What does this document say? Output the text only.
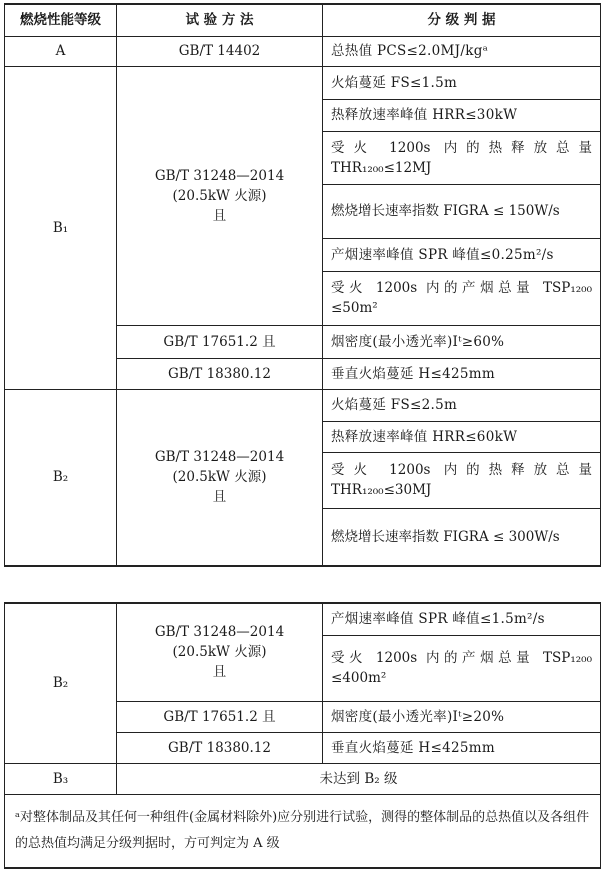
燃烧性能等级	试 验 方 法	分 级 判 据
A	GB/T 14402	总热值 PCS≤2.0MJ/kgᵃ
B₁	GB/T 31248—2014
(20.5kW 火源)
且	火焰蔓延 FS≤1.5m
		热释放速率峰值 HRR≤30kW
		受火 1200s 内的热释放总量 THR₁₂₀₀≤12MJ
		燃烧增长速率指数 FIGRA ≤ 150W/s
		产烟速率峰值 SPR 峰值≤0.25m²/s
		受火 1200s 内的产烟总量 TSP₁₂₀₀ ≤50m²
	GB/T 17651.2 且	烟密度(最小透光率)Iᵗ≥60%
	GB/T 18380.12	垂直火焰蔓延 H≤425mm
B₂	GB/T 31248—2014
(20.5kW 火源)
且	火焰蔓延 FS≤2.5m
		热释放速率峰值 HRR≤60kW
		受火 1200s 内的热释放总量 THR₁₂₀₀≤30MJ
		燃烧增长速率指数 FIGRA ≤ 300W/s
B₂	GB/T 31248—2014
(20.5kW 火源)
且	产烟速率峰值 SPR 峰值≤1.5m²/s
		受火 1200s 内的产烟总量 TSP₁₂₀₀ ≤400m²
	GB/T 17651.2 且	烟密度(最小透光率)Iᵗ≥20%
	GB/T 18380.12	垂直火焰蔓延 H≤425mm
B₃	未达到 B₂ 级	
ᵃ对整体制品及其任何一种组件(金属材料除外)应分别进行试验，测得的整体制品的总热值以及各组件的总热值均满足分级判据时，方可判定为 A 级		
